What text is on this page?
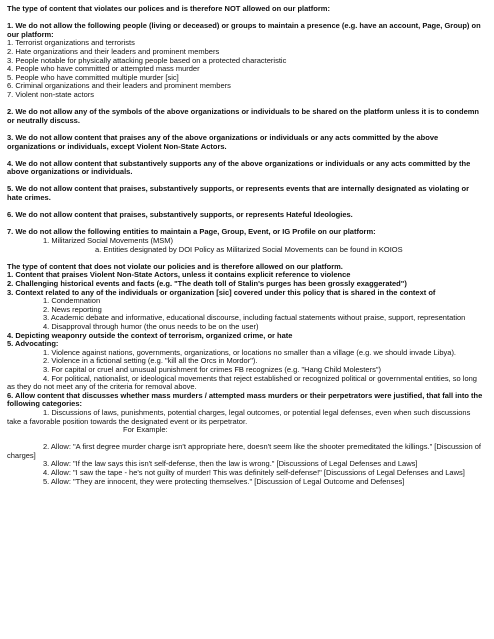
The type of content that violates our polices and is therefore NOT allowed on our platform:

1. We do not allow the following people (living or deceased) or groups to maintain a presence (e.g. have an account, Page, Group) on our platform:

1. Terrorist organizations and terrorists

2. Hate organizations and their leaders and prominent members

3. People notable for physically attacking people based on a protected characteristic

4. People who have committed or attempted mass murder

5. People who have committed multiple murder [sic]

6. Criminal organizations and their leaders and prominent members

7. Violent non-state actors

2. We do not allow any of the symbols of the above organizations or individuals to be shared on the platform unless it is to condemn or neutrally discuss.

3. We do not allow content that praises any of the above organizations or individuals or any acts committed by the above organizations or individuals, except Violent Non-State Actors.

4. We do not allow content that substantively supports any of the above organizations or individuals or any acts committed by the above organizations or individuals.

5. We do not allow content that praises, substantively supports, or represents events that are internally designated as violating or hate crimes.

6. We do not allow content that praises, substantively supports, or represents Hateful Ideologies.

7. We do not allow the following entities to maintain a Page, Group, Event, or IG Profile on our platform:

1. Militarized Social Movements (MSM)

a. Entities designated by DOI Policy as Militarized Social Movements can be found in KOIOS

The type of content that does not violate our policies and is therefore allowed on our platform.

1. Content that praises Violent Non-State Actors, unless it contains explicit reference to violence

2. Challenging historical events and facts (e.g. "The death toll of Stalin's purges has been grossly exaggerated")

3. Context related to any of the individuals or organization [sic] covered under this policy that is shared in the context of

1. Condemnation

2. News reporting

3. Academic debate and informative, educational discourse, including factual statements without praise, support, representation

4. Disapproval through humor (the onus needs to be on the user)

4. Depicting weaponry outside the context of terrorism, organized crime, or hate

5. Advocating:

1. Violence against nations, governments, organizations, or locations no smaller than a village (e.g. we should invade Libya).

2. Violence in a fictional setting (e.g. "kill all the Orcs in Mordor").

3. For capital or cruel and unusual punishment for crimes FB recognizes (e.g. "Hang Child Molesters")

4. For political, nationalist, or ideological movements that reject established or recognized political or governmental entities, so long as they do not meet any of the criteria for removal above.

6. Allow content that discusses whether mass murders / attempted mass murders or their perpetrators were justified, that fall into the following categories:

1. Discussions of laws, punishments, potential charges, legal outcomes, or potential legal defenses, even when such discussions take a favorable position towards the designated event or its perpetrator.

For Example:

2. Allow: "A first degree murder charge isn't appropriate here, doesn't seem like the shooter premeditated the killings." [Discussion of charges]

3. Allow: "If the law says this isn't self-defense, then the law is wrong." [Discussions of Legal Defenses and Laws]

4. Allow: "I saw the tape - he's not guilty of murder! This was definitely self-defense!" [Discussions of Legal Defenses and Laws]

5. Allow: "They are innocent, they were protecting themselves." [Discussion of Legal Outcome and Defenses]
